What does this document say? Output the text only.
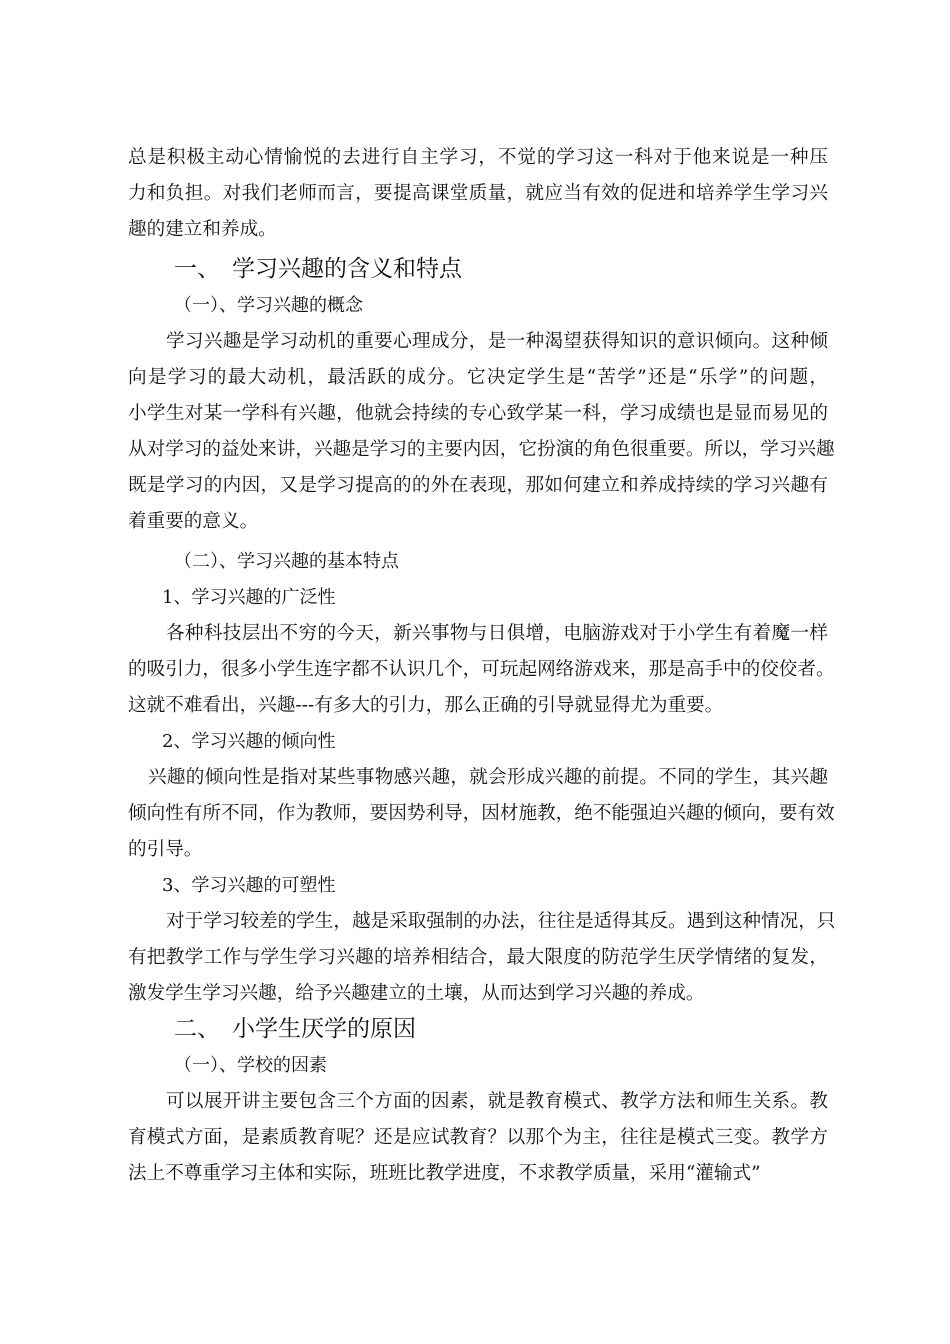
总是积极主动心情愉悦的去进行自主学习，不觉的学习这一科对于他来说是一种压
力和负担。对我们老师而言，要提高课堂质量，就应当有效的促进和培养学生学习兴
趣的建立和养成。
一、 学习兴趣的含义和特点
（一）、学习兴趣的概念
学习兴趣是学习动机的重要心理成分，是一种渴望获得知识的意识倾向。这种倾
向是学习的最大动机，最活跃的成分。它决定学生是“苦学”还是“乐学”的问题，
小学生对某一学科有兴趣，他就会持续的专心致学某一科，学习成绩也是显而易见的
从对学习的益处来讲，兴趣是学习的主要内因，它扮演的角色很重要。所以，学习兴趣
既是学习的内因，又是学习提高的的外在表现，那如何建立和养成持续的学习兴趣有
着重要的意义。
（二）、学习兴趣的基本特点
1、学习兴趣的广泛性
各种科技层出不穷的今天，新兴事物与日俱增，电脑游戏对于小学生有着魔一样
的吸引力，很多小学生连字都不认识几个，可玩起网络游戏来，那是高手中的佼佼者。
这就不难看出，兴趣---有多大的引力，那么正确的引导就显得尤为重要。
2、学习兴趣的倾向性
兴趣的倾向性是指对某些事物感兴趣，就会形成兴趣的前提。不同的学生，其兴趣
倾向性有所不同，作为教师，要因势利导，因材施教，绝不能强迫兴趣的倾向，要有效
的引导。
3、学习兴趣的可塑性
对于学习较差的学生，越是采取强制的办法，往往是适得其反。遇到这种情况，只
有把教学工作与学生学习兴趣的培养相结合，最大限度的防范学生厌学情绪的复发，
激发学生学习兴趣，给予兴趣建立的土壤，从而达到学习兴趣的养成。
二、 小学生厌学的原因
（一）、学校的因素
可以展开讲主要包含三个方面的因素，就是教育模式、教学方法和师生关系。教
育模式方面，是素质教育呢？还是应试教育？以那个为主，往往是模式三变。教学方
法上不尊重学习主体和实际，班班比教学进度，不求教学质量，采用“灌输式”
